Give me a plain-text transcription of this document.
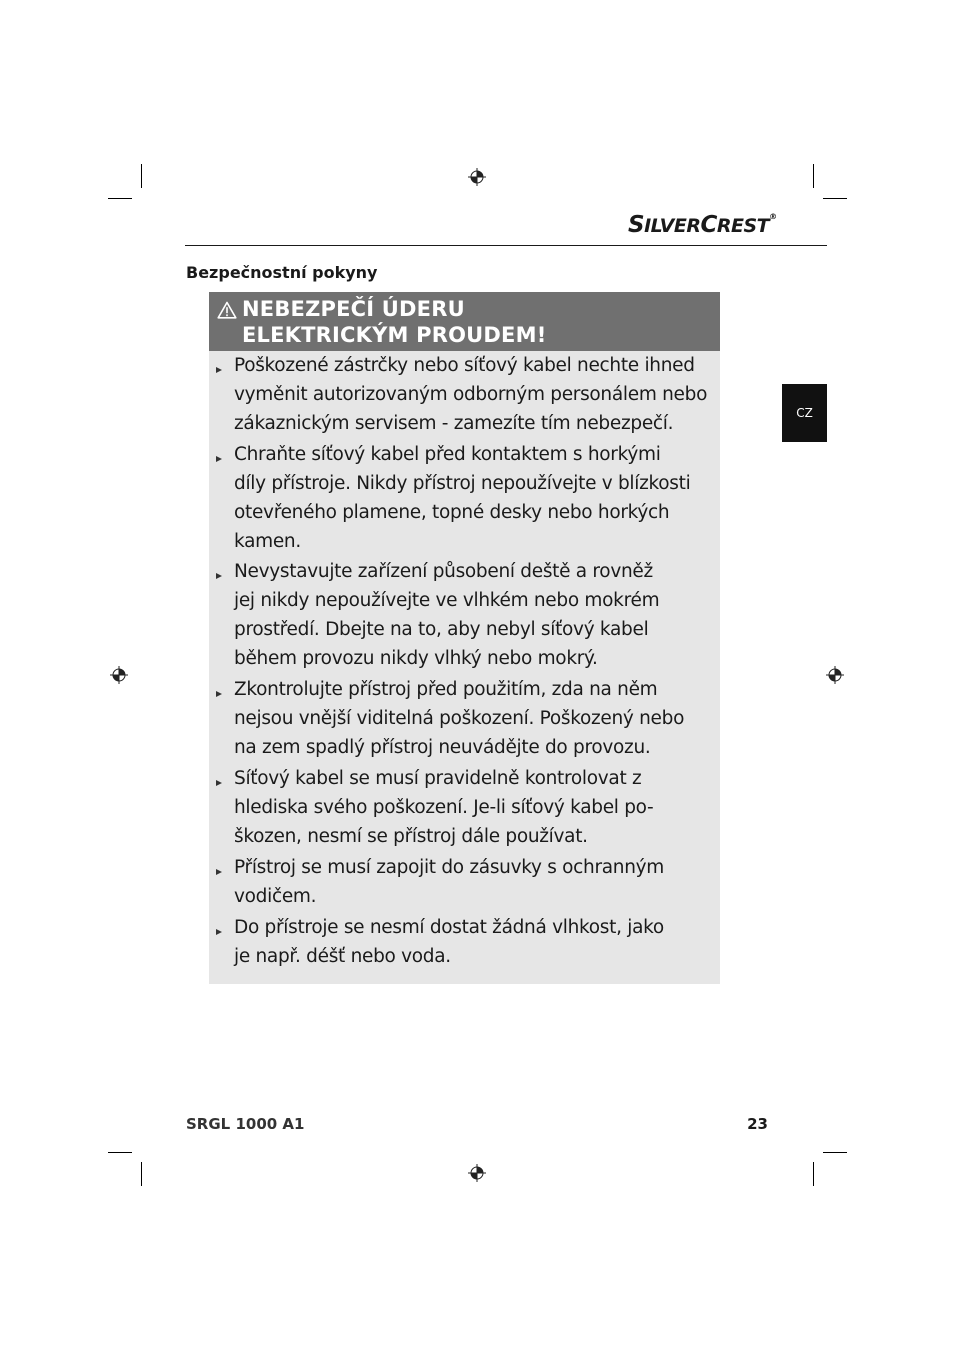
SILVERCREST®
Bezpečnostní pokyny
NEBEZPEČÍ ÚDERU
ELEKTRICKÝM PROUDEM!
Poškozené zástrčky nebo síťový kabel nechte ihned
vyměnit autorizovaným odborným personálem nebo
zákaznickým servisem - zamezíte tím nebezpečí.
Chraňte síťový kabel před kontaktem s horkými
díly přístroje. Nikdy přístroj nepoužívejte v blízkosti
otevřeného plamene, topné desky nebo horkých
kamen.
Nevystavujte zařízení působení deště a rovněž
jej nikdy nepoužívejte ve vlhkém nebo mokrém
prostředí. Dbejte na to, aby nebyl síťový kabel
během provozu nikdy vlhký nebo mokrý.
Zkontrolujte přístroj před použitím, zda na něm
nejsou vnější viditelná poškození. Poškozený nebo
na zem spadlý přístroj neuvádějte do provozu.
Síťový kabel se musí pravidelně kontrolovat z
hlediska svého poškození. Je-li síťový kabel po-
škozen, nesmí se přístroj dále používat.
Přístroj se musí zapojit do zásuvky s ochranným
vodičem.
Do přístroje se nesmí dostat žádná vlhkost, jako
je např. déšť nebo voda.
CZ
SRGL 1000 A1	23
